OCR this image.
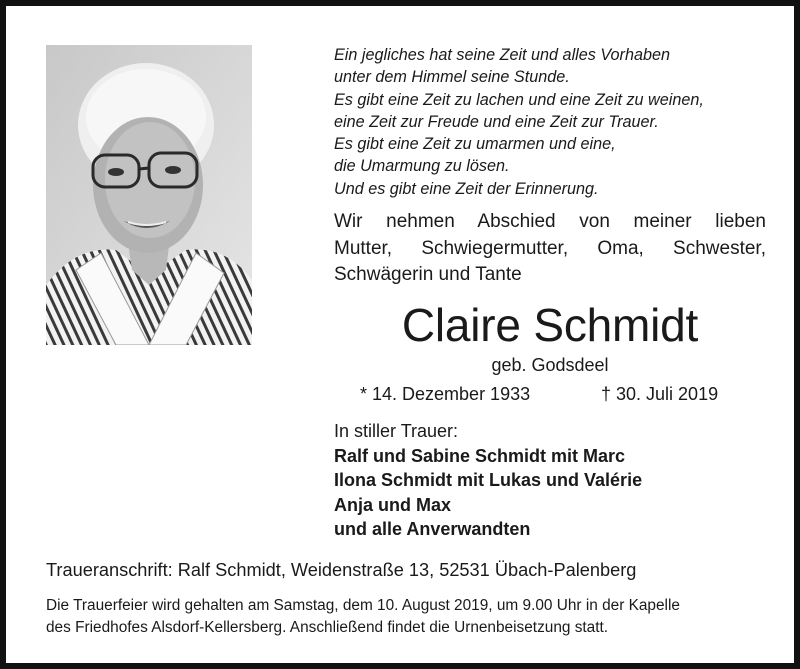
Ein jegliches hat seine Zeit und alles Vorhaben
unter dem Himmel seine Stunde.
Es gibt eine Zeit zu lachen und eine Zeit zu weinen,
eine Zeit zur Freude und eine Zeit zur Trauer.
Es gibt eine Zeit zu umarmen und eine,
die Umarmung zu lösen.
Und es gibt eine Zeit der Erinnerung.
Wir nehmen Abschied von meiner lieben
Mutter, Schwiegermutter, Oma, Schwester,
Schwägerin und Tante
Claire Schmidt
geb. Godsdeel
* 14. Dezember 1933	† 30. Juli 2019
In stiller Trauer:
Ralf und Sabine Schmidt mit Marc
Ilona Schmidt mit Lukas und Valérie
Anja und Max
und alle Anverwandten
Traueranschrift: Ralf Schmidt, Weidenstraße 13, 52531 Übach-Palenberg
Die Trauerfeier wird gehalten am Samstag, dem 10. August 2019, um 9.00 Uhr in der Kapelle
des Friedhofes Alsdorf-Kellersberg. Anschließend findet die Urnenbeisetzung statt.
